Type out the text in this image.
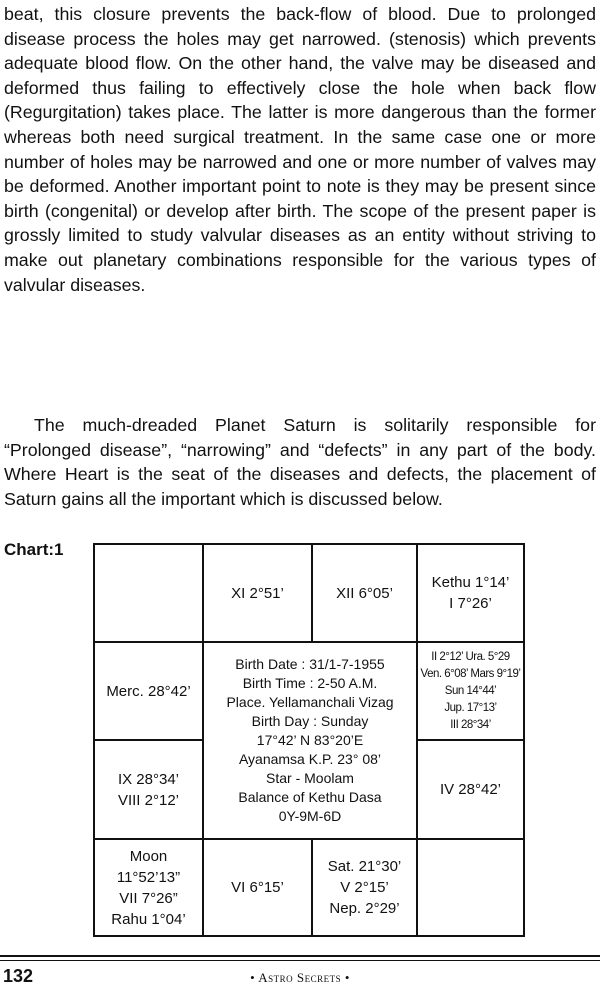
beat, this closure prevents the back-flow of blood. Due to prolonged disease process the holes may get narrowed. (stenosis) which prevents adequate blood flow. On the other hand, the valve may be diseased and deformed thus failing to effectively close the hole when back flow (Regurgitation) takes place. The latter is more dangerous than the former whereas both need surgical treatment. In the same case one or more number of holes may be narrowed and one or more number of valves may be deformed. Another important point to note is they may be present since birth (congenital) or develop after birth. The scope of the present paper is grossly limited to study valvular diseases as an entity without striving to make out planetary combinations responsible for the various types of valvular diseases.

The much-dreaded Planet Saturn is solitarily responsible for “Prolonged disease”, “narrowing” and “defects” in any part of the body. Where Heart is the seat of the diseases and defects, the placement of Saturn gains all the important which is discussed below.

Chart:1
XI 2°51’	XII 6°05’
Kethu 1°14’
I 7°26’
Merc. 28°42’
Birth Date : 31/1-7-1955
Birth Time : 2-50 A.M.
Place. Yellamanchali Vizag
Birth Day : Sunday
17°42’ N 83°20’E
Ayanamsa K.P. 23° 08’
Star - Moolam
Balance of Kethu Dasa
0Y-9M-6D
II 2°12’ Ura. 5°29
Ven. 6°08’ Mars 9°19’
Sun 14°44’
Jup. 17°13’
III 28°34’
IX 28°34’
VIII 2°12’
IV 28°42’
Moon
11°52’13”
VII 7°26”
Rahu 1°04’
VI 6°15’
Sat. 21°30’
V 2°15’
Nep. 2°29’
132	• Astro Secrets •
